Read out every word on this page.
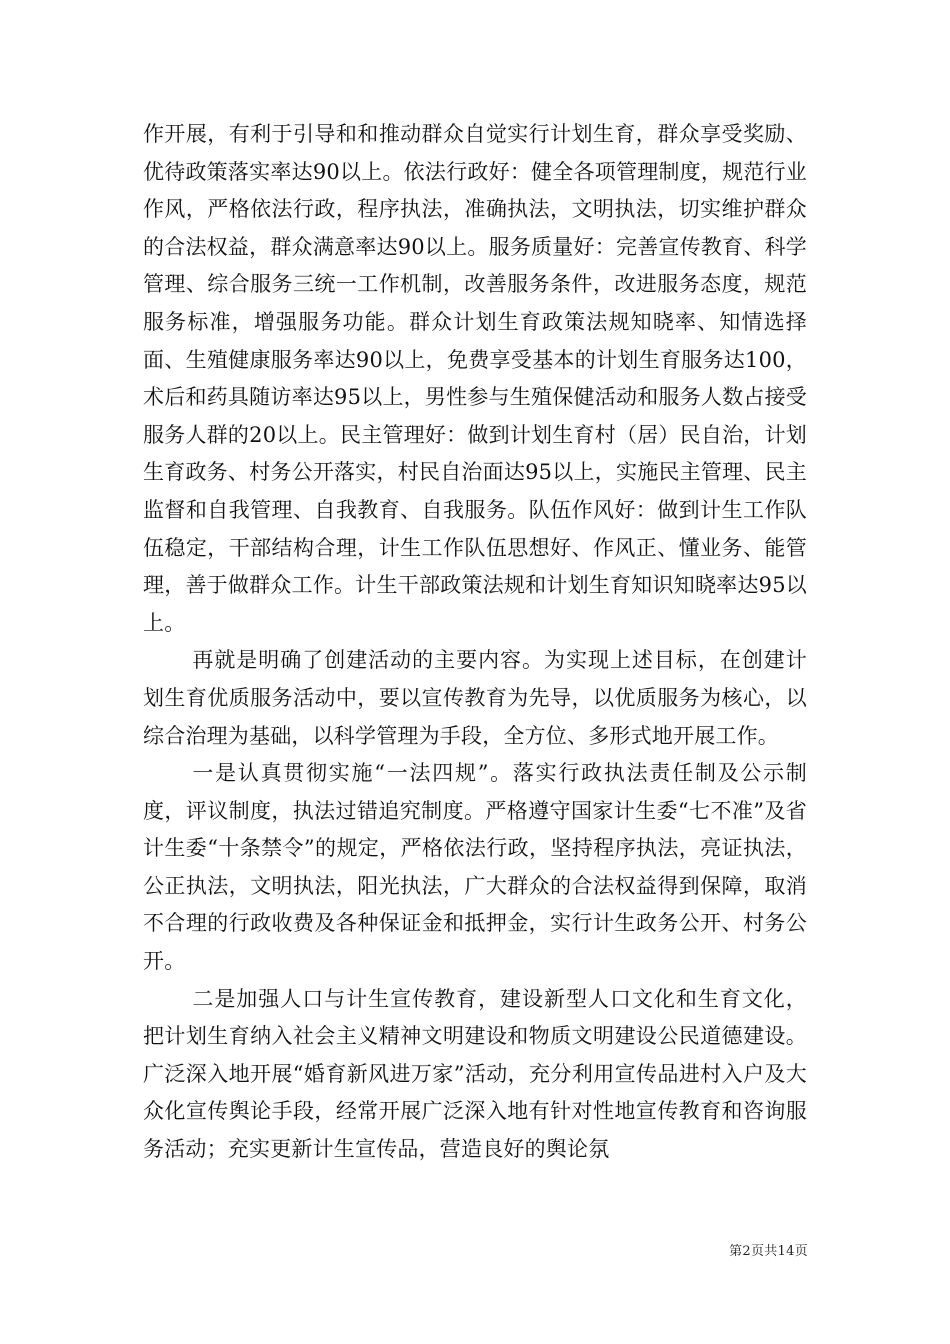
作开展，有利于引导和和推动群众自觉实行计划生育，群众享受奖励、优待政策落实率达90以上。依法行政好：健全各项管理制度，规范行业作风，严格依法行政，程序执法，准确执法，文明执法，切实维护群众的合法权益，群众满意率达90以上。服务质量好：完善宣传教育、科学管理、综合服务三统一工作机制，改善服务条件，改进服务态度，规范服务标准，增强服务功能。群众计划生育政策法规知晓率、知情选择面、生殖健康服务率达90以上，免费享受基本的计划生育服务达100，术后和药具随访率达95以上，男性参与生殖保健活动和服务人数占接受服务人群的20以上。民主管理好：做到计划生育村（居）民自治，计划生育政务、村务公开落实，村民自治面达95以上，实施民主管理、民主监督和自我管理、自我教育、自我服务。队伍作风好：做到计生工作队伍稳定，干部结构合理，计生工作队伍思想好、作风正、懂业务、能管理，善于做群众工作。计生干部政策法规和计划生育知识知晓率达95以上。

再就是明确了创建活动的主要内容。为实现上述目标，在创建计划生育优质服务活动中，要以宣传教育为先导，以优质服务为核心，以综合治理为基础，以科学管理为手段，全方位、多形式地开展工作。

一是认真贯彻实施“一法四规”。落实行政执法责任制及公示制度，评议制度，执法过错追究制度。严格遵守国家计生委“七不准”及省计生委“十条禁令”的规定，严格依法行政，坚持程序执法，亮证执法，公正执法，文明执法，阳光执法，广大群众的合法权益得到保障，取消不合理的行政收费及各种保证金和抵押金，实行计生政务公开、村务公开。

二是加强人口与计生宣传教育，建设新型人口文化和生育文化，把计划生育纳入社会主义精神文明建设和物质文明建设公民道德建设。广泛深入地开展“婚育新风进万家”活动，充分利用宣传品进村入户及大众化宣传舆论手段，经常开展广泛深入地有针对性地宣传教育和咨询服务活动；充实更新计生宣传品，营造良好的舆论氛

第2页共14页
